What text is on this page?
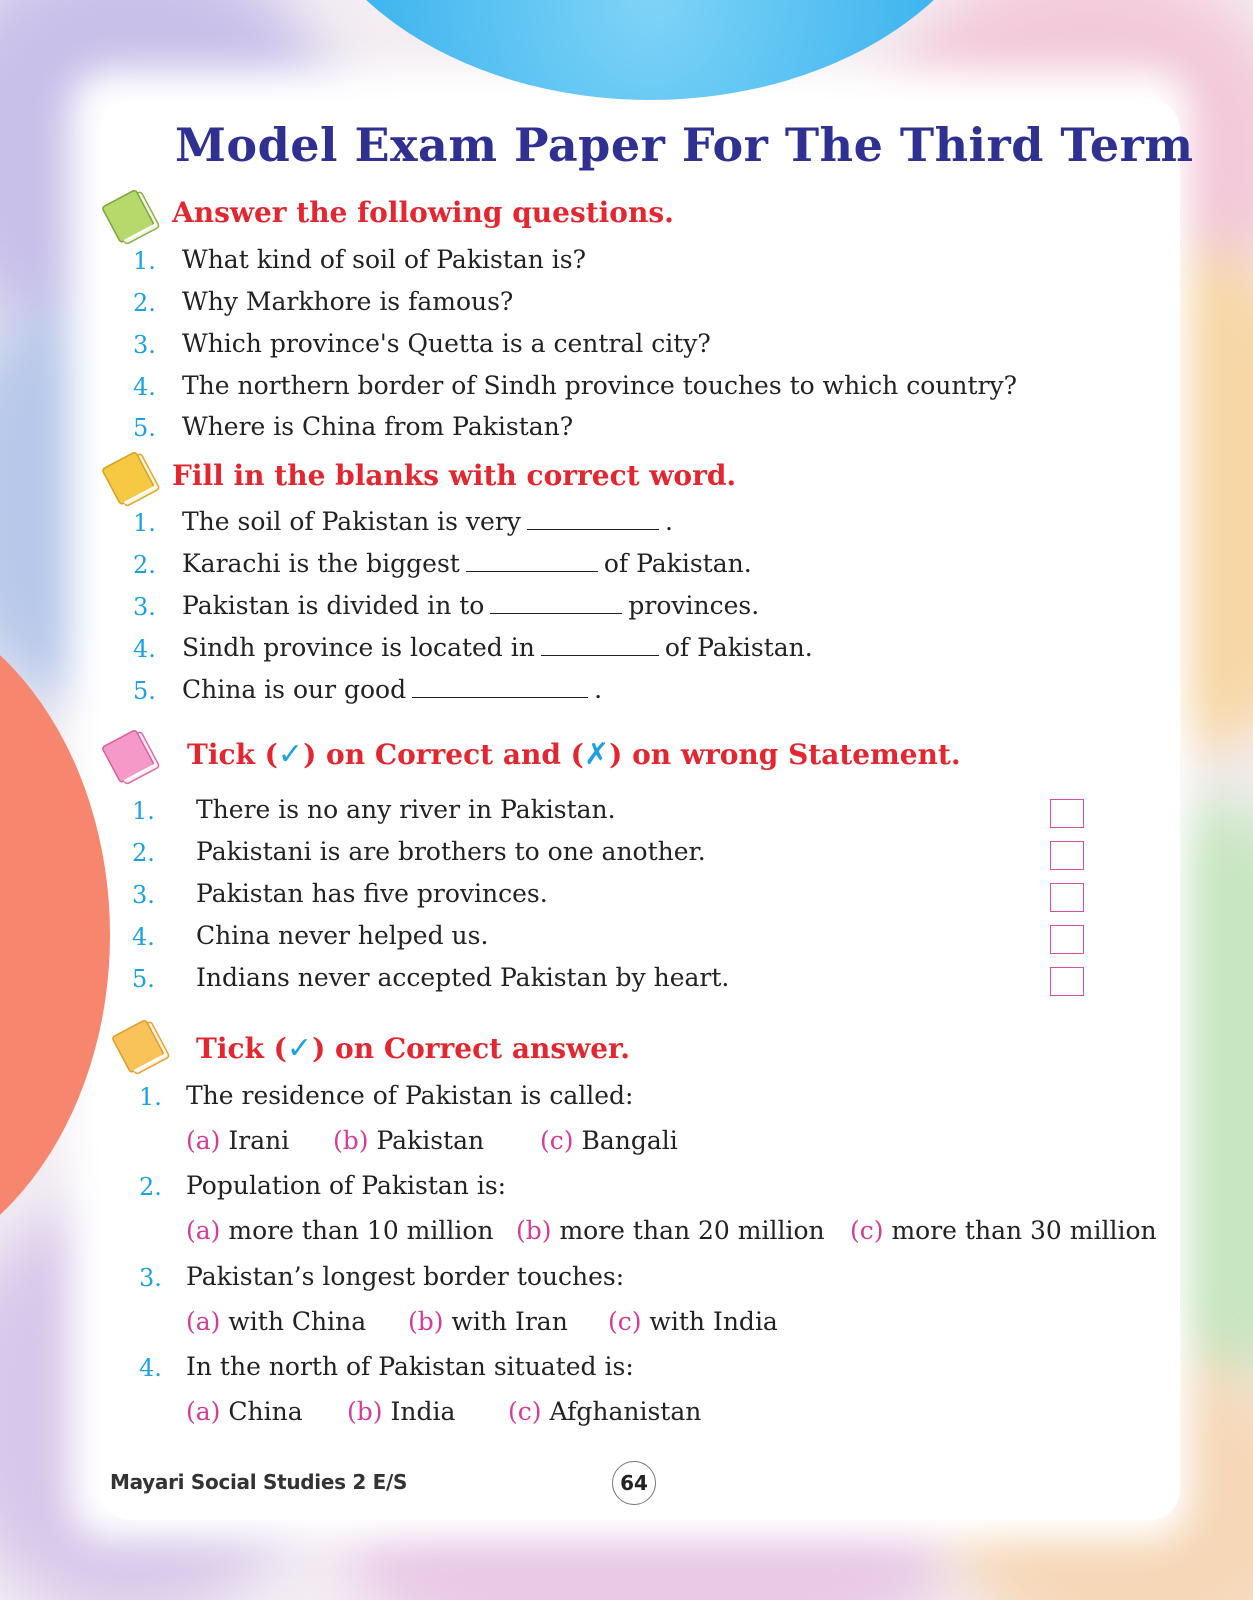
Model Exam Paper For The Third Term
Answer the following questions.
1. What kind of soil of Pakistan is?
2. Why Markhore is famous?
3. Which province's Quetta is a central city?
4. The northern border of Sindh province touches to which country?
5. Where is China from Pakistan?
Fill in the blanks with correct word.
1. The soil of Pakistan is very	.
2. Karachi is the biggest	of Pakistan.
3. Pakistan is divided in to	provinces.
4. Sindh province is located in	of Pakistan.
5. China is our good	.
Tick (✓) on Correct and (✗) on wrong Statement.
1. There is no any river in Pakistan.
2. Pakistani is are brothers to one another.
3. Pakistan has five provinces.
4. China never helped us.
5. Indians never accepted Pakistan by heart.
Tick (✓) on Correct answer.
1. The residence of Pakistan is called:
(a) Irani (b) Pakistan (c) Bangali
2. Population of Pakistan is:
(a) more than 10 million (b) more than 20 million (c) more than 30 million
3. Pakistan’s longest border touches:
(a) with China (b) with Iran (c) with India
4. In the north of Pakistan situated is:
(a) China (b) India (c) Afghanistan
Mayari Social Studies 2 E/S	64
